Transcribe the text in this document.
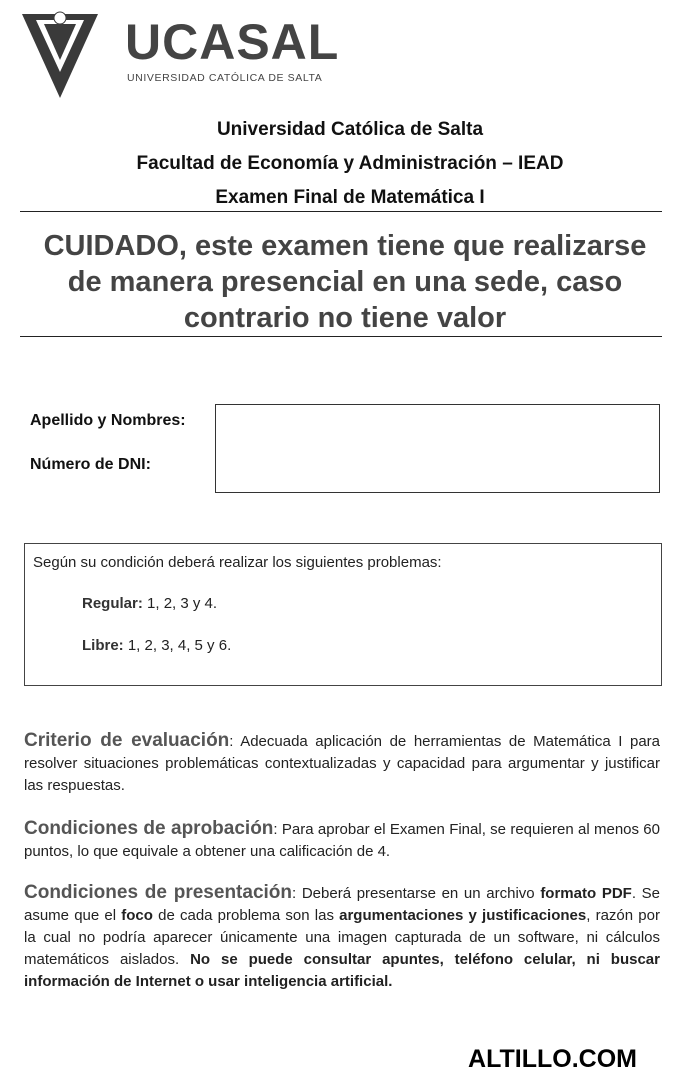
UCASAL
UNIVERSIDAD CATÓLICA DE SALTA
Universidad Católica de Salta
Facultad de Economía y Administración – IEAD
Examen Final de Matemática I
CUIDADO, este examen tiene que realizarse de manera presencial en una sede, caso contrario no tiene valor
Apellido y Nombres:
Número de DNI:
Según su condición deberá realizar los siguientes problemas:
Regular: 1, 2, 3 y 4.
Libre: 1, 2, 3, 4, 5 y 6.
Criterio de evaluación: Adecuada aplicación de herramientas de Matemática I para resolver situaciones problemáticas contextualizadas y capacidad para argumentar y justificar las respuestas.
Condiciones de aprobación: Para aprobar el Examen Final, se requieren al menos 60 puntos, lo que equivale a obtener una calificación de 4.
Condiciones de presentación: Deberá presentarse en un archivo formato PDF. Se asume que el foco de cada problema son las argumentaciones y justificaciones, razón por la cual no podría aparecer únicamente una imagen capturada de un software, ni cálculos matemáticos aislados. No se puede consultar apuntes, teléfono celular, ni buscar información de Internet o usar inteligencia artificial.
ALTILLO.COM
